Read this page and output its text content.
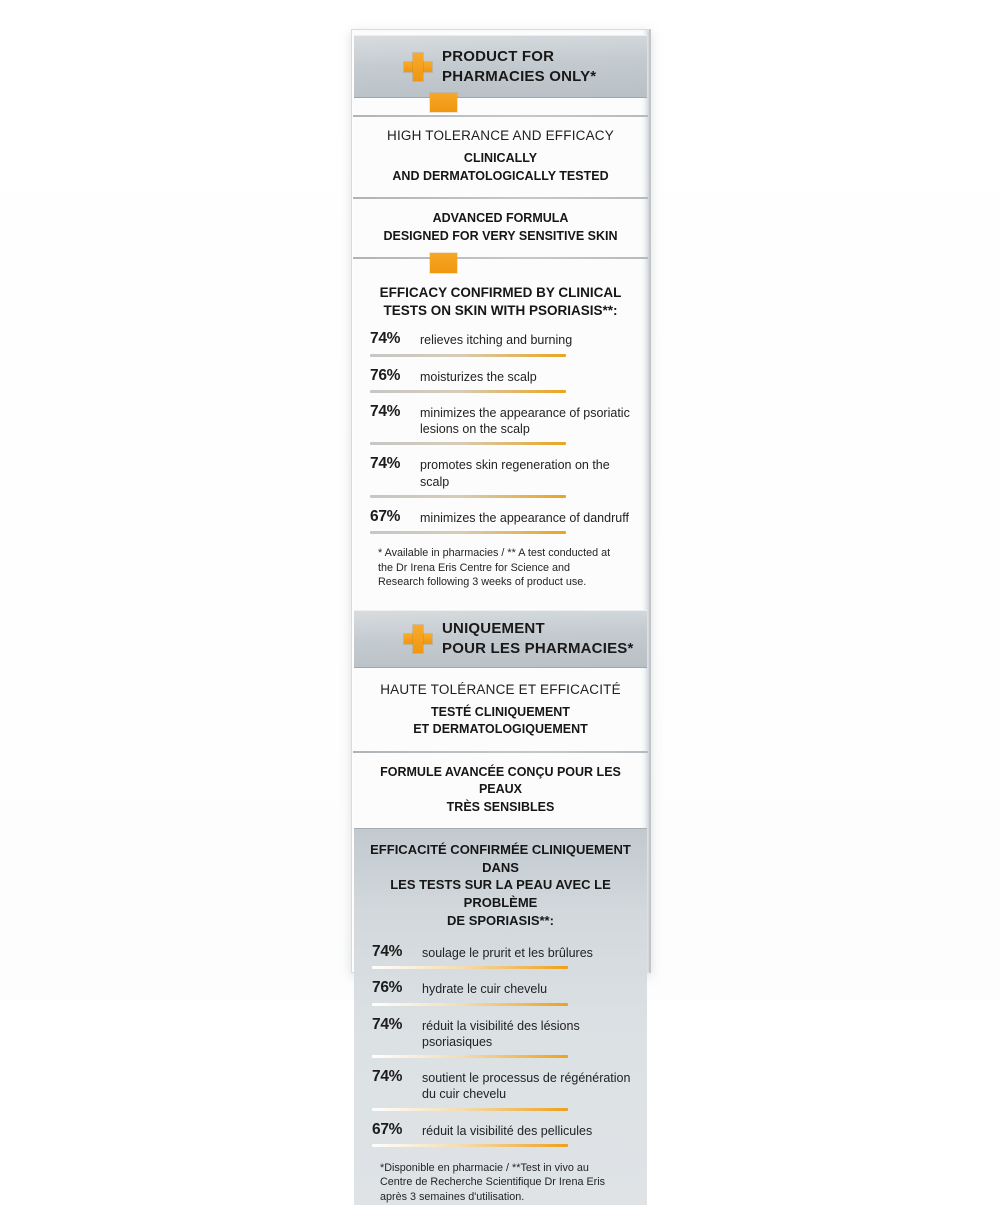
PRODUCT FOR
PHARMACIES ONLY*
HIGH TOLERANCE AND EFFICACY
CLINICALLY
AND DERMATOLOGICALLY TESTED
ADVANCED FORMULA
DESIGNED FOR VERY SENSITIVE SKIN
EFFICACY CONFIRMED BY CLINICAL
TESTS ON SKIN WITH PSORIASIS**:
74%	relieves itching and burning
76%	moisturizes the scalp
74%	minimizes the appearance of psoriatic lesions on the scalp
74%	promotes skin regeneration on the scalp
67%	minimizes the appearance of dandruff
* Available in pharmacies / ** A test conducted at the Dr Irena Eris Centre for Science and Research following 3 weeks of product use.
UNIQUEMENT
POUR LES PHARMACIES*
HAUTE TOLÉRANCE ET EFFICACITÉ
TESTÉ CLINIQUEMENT
ET DERMATOLOGIQUEMENT
FORMULE AVANCÉE CONÇU POUR LES PEAUX
TRÈS SENSIBLES
EFFICACITÉ CONFIRMÉE CLINIQUEMENT DANS
LES TESTS SUR LA PEAU AVEC LE PROBLÈME
DE SPORIASIS**:
74%	soulage le prurit et les brûlures
76%	hydrate le cuir chevelu
74%	réduit la visibilité des lésions psoriasiques
74%	soutient le processus de régénération du cuir chevelu
67%	réduit la visibilité des pellicules
*Disponible en pharmacie / **Test in vivo au Centre de Recherche Scientifique Dr Irena Eris après 3 semaines d'utilisation.
